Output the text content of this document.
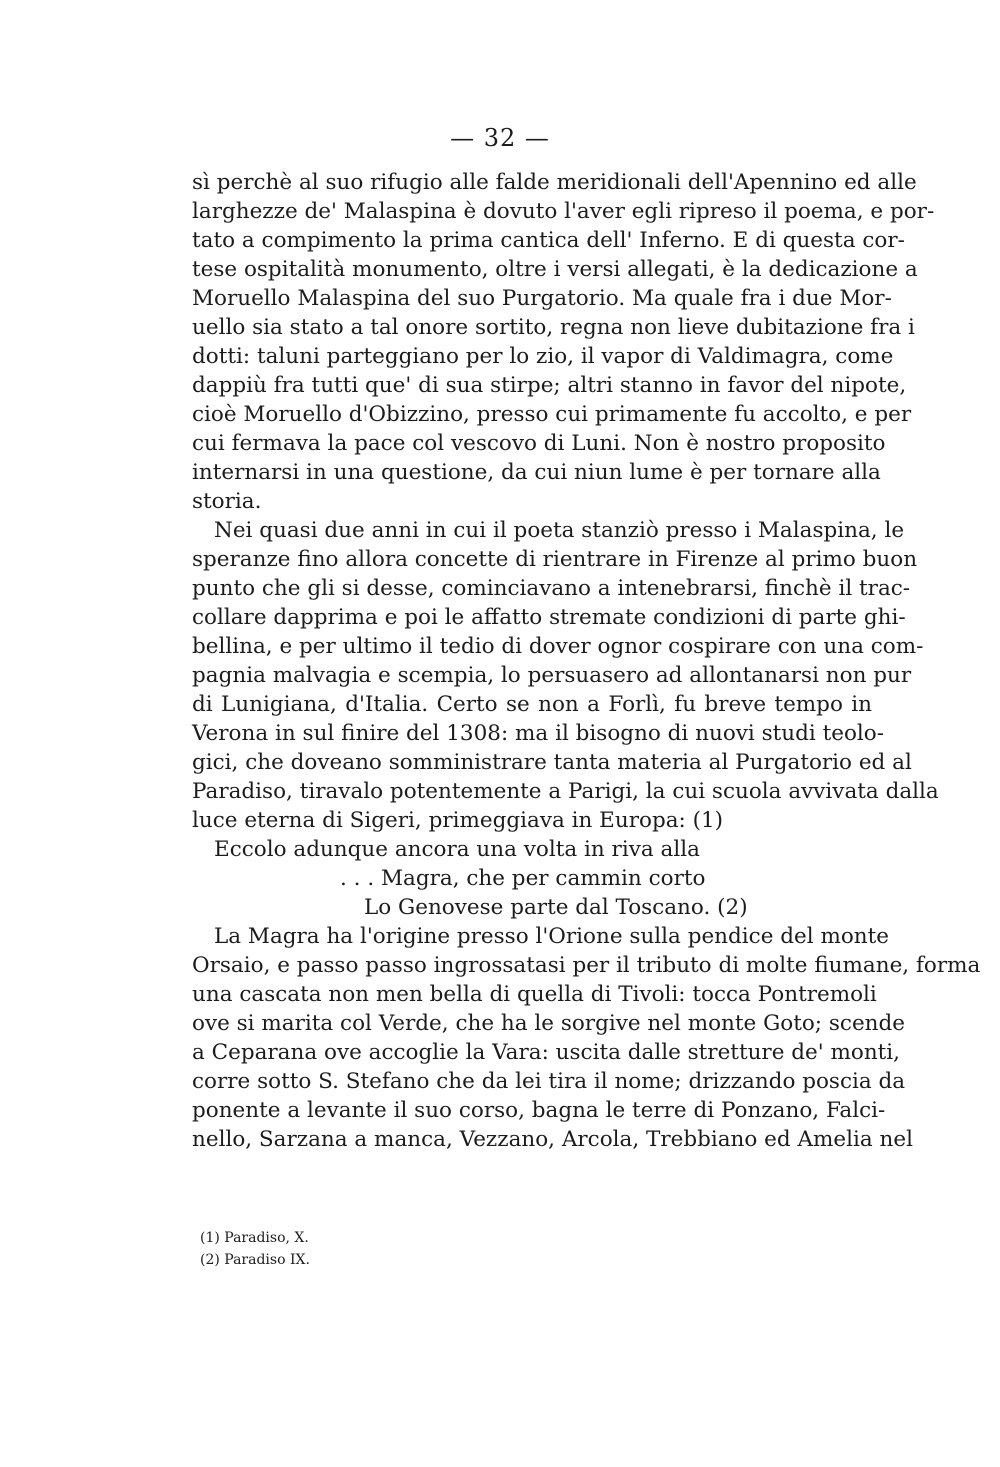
— 32 —
sì perchè al suo rifugio alle falde meridionali dell'Apennino ed alle
larghezze de' Malaspina è dovuto l'aver egli ripreso il poema, e por-
tato a compimento la prima cantica dell' Inferno. E di questa cor-
tese ospitalità monumento, oltre i versi allegati, è la dedicazione a
Moruello Malaspina del suo Purgatorio. Ma quale fra i due Mor-
uello sia stato a tal onore sortito, regna non lieve dubitazione fra i
dotti: taluni parteggiano per lo zio, il vapor di Valdimagra, come
dappiù fra tutti que' di sua stirpe; altri stanno in favor del nipote,
cioè Moruello d'Obizzino, presso cui primamente fu accolto, e per
cui fermava la pace col vescovo di Luni. Non è nostro proposito
internarsi in una questione, da cui niun lume è per tornare alla
storia.
Nei quasi due anni in cui il poeta stanziò presso i Malaspina, le
speranze fino allora concette di rientrare in Firenze al primo buon
punto che gli si desse, cominciavano a intenebrarsi, finchè il trac-
collare dapprima e poi le affatto stremate condizioni di parte ghi-
bellina, e per ultimo il tedio di dover ognor cospirare con una com-
pagnia malvagia e scempia, lo persuasero ad allontanarsi non pur
di Lunigiana, d'Italia. Certo se non a Forlì, fu breve tempo in
Verona in sul finire del 1308: ma il bisogno di nuovi studi teolo-
gici, che doveano somministrare tanta materia al Purgatorio ed al
Paradiso, tiravalo potentemente a Parigi, la cui scuola avvivata dalla
luce eterna di Sigeri, primeggiava in Europa: (1)
Eccolo adunque ancora una volta in riva alla
. . . Magra, che per cammin corto
Lo Genovese parte dal Toscano. (2)
La Magra ha l'origine presso l'Orione sulla pendice del monte
Orsaio, e passo passo ingrossatasi per il tributo di molte fiumane, forma
una cascata non men bella di quella di Tivoli: tocca Pontremoli
ove si marita col Verde, che ha le sorgive nel monte Goto; scende
a Ceparana ove accoglie la Vara: uscita dalle stretture de' monti,
corre sotto S. Stefano che da lei tira il nome; drizzando poscia da
ponente a levante il suo corso, bagna le terre di Ponzano, Falci-
nello, Sarzana a manca, Vezzano, Arcola, Trebbiano ed Amelia nel
(1) Paradiso, X.
(2) Paradiso IX.
